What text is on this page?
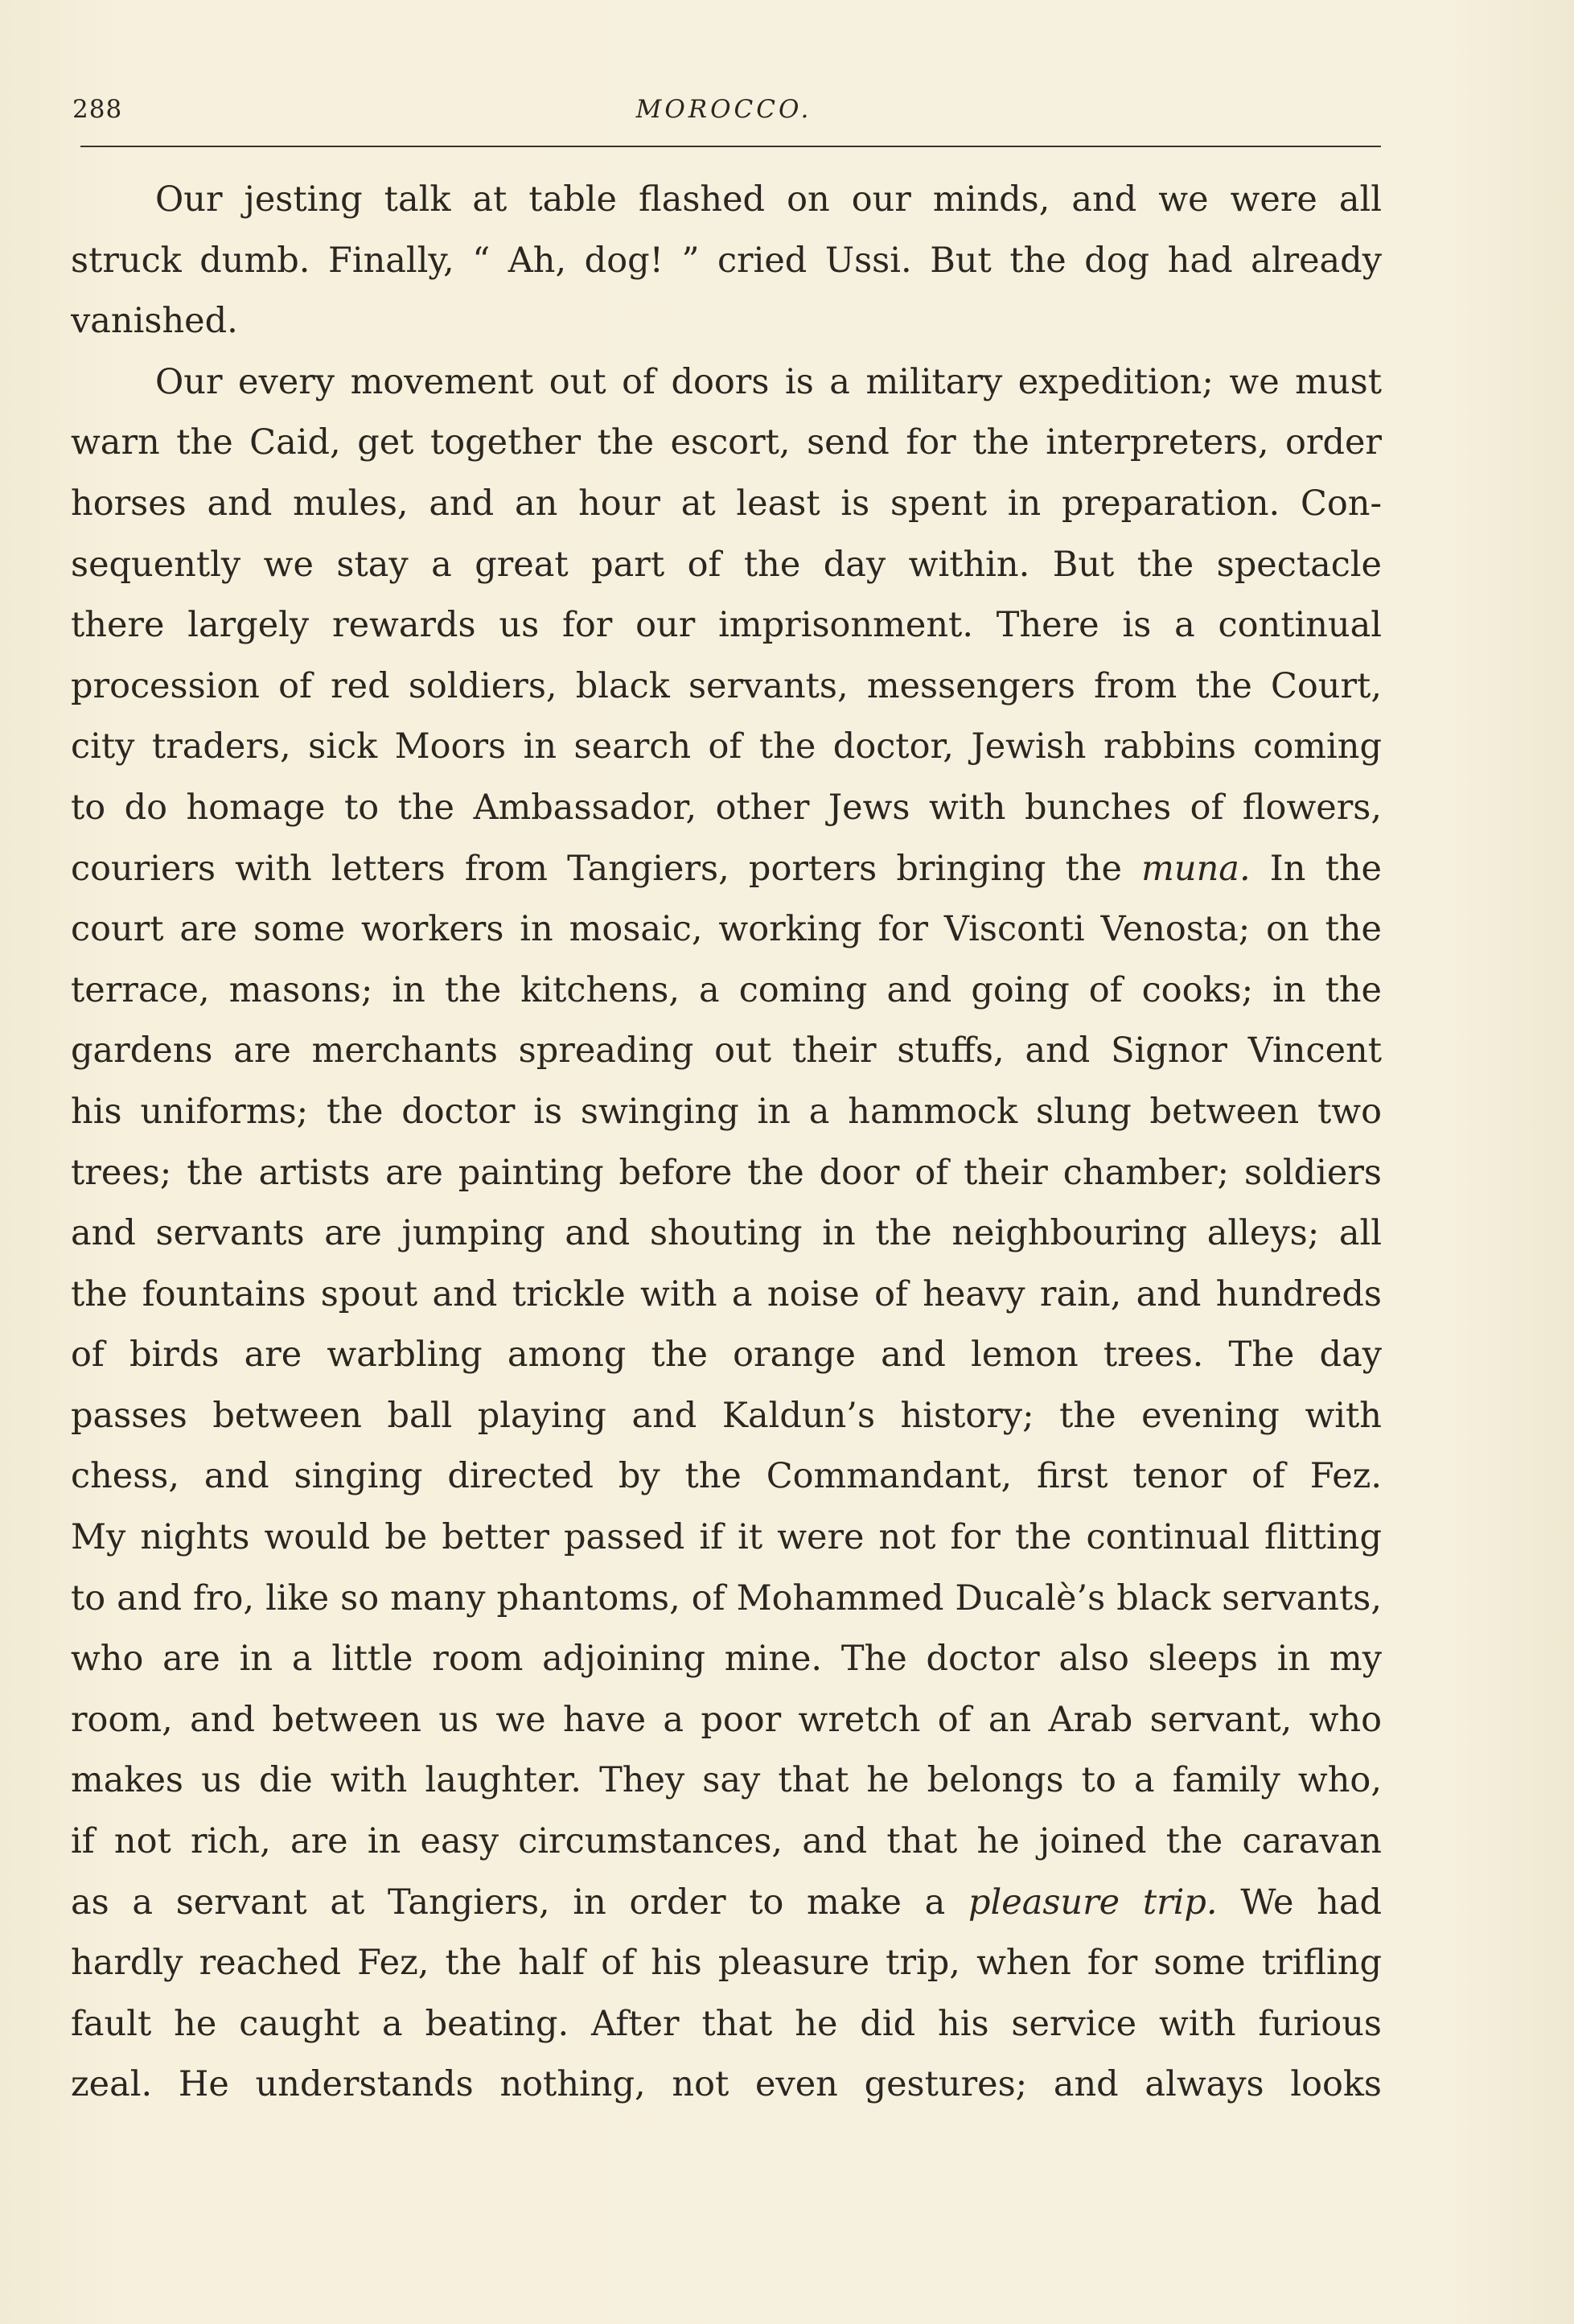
288	MOROCCO.
Our jesting talk at table flashed on our minds, and we were all
struck dumb. Finally, “ Ah, dog! ” cried Ussi. But the dog had already
vanished.
Our every movement out of doors is a military expedition; we must
warn the Caid, get together the escort, send for the interpreters, order
horses and mules, and an hour at least is spent in preparation. Con-
sequently we stay a great part of the day within. But the spectacle
there largely rewards us for our imprisonment. There is a continual
procession of red soldiers, black servants, messengers from the Court,
city traders, sick Moors in search of the doctor, Jewish rabbins coming
to do homage to the Ambassador, other Jews with bunches of flowers,
couriers with letters from Tangiers, porters bringing the muna. In the
court are some workers in mosaic, working for Visconti Venosta; on the
terrace, masons; in the kitchens, a coming and going of cooks; in the
gardens are merchants spreading out their stuffs, and Signor Vincent
his uniforms; the doctor is swinging in a hammock slung between two
trees; the artists are painting before the door of their chamber; soldiers
and servants are jumping and shouting in the neighbouring alleys; all
the fountains spout and trickle with a noise of heavy rain, and hundreds
of birds are warbling among the orange and lemon trees. The day
passes between ball playing and Kaldun’s history; the evening with
chess, and singing directed by the Commandant, first tenor of Fez.
My nights would be better passed if it were not for the continual flitting
to and fro, like so many phantoms, of Mohammed Ducalè’s black servants,
who are in a little room adjoining mine. The doctor also sleeps in my
room, and between us we have a poor wretch of an Arab servant, who
makes us die with laughter. They say that he belongs to a family who,
if not rich, are in easy circumstances, and that he joined the caravan
as a servant at Tangiers, in order to make a pleasure trip. We had
hardly reached Fez, the half of his pleasure trip, when for some trifling
fault he caught a beating. After that he did his service with furious
zeal. He understands nothing, not even gestures; and always looks
